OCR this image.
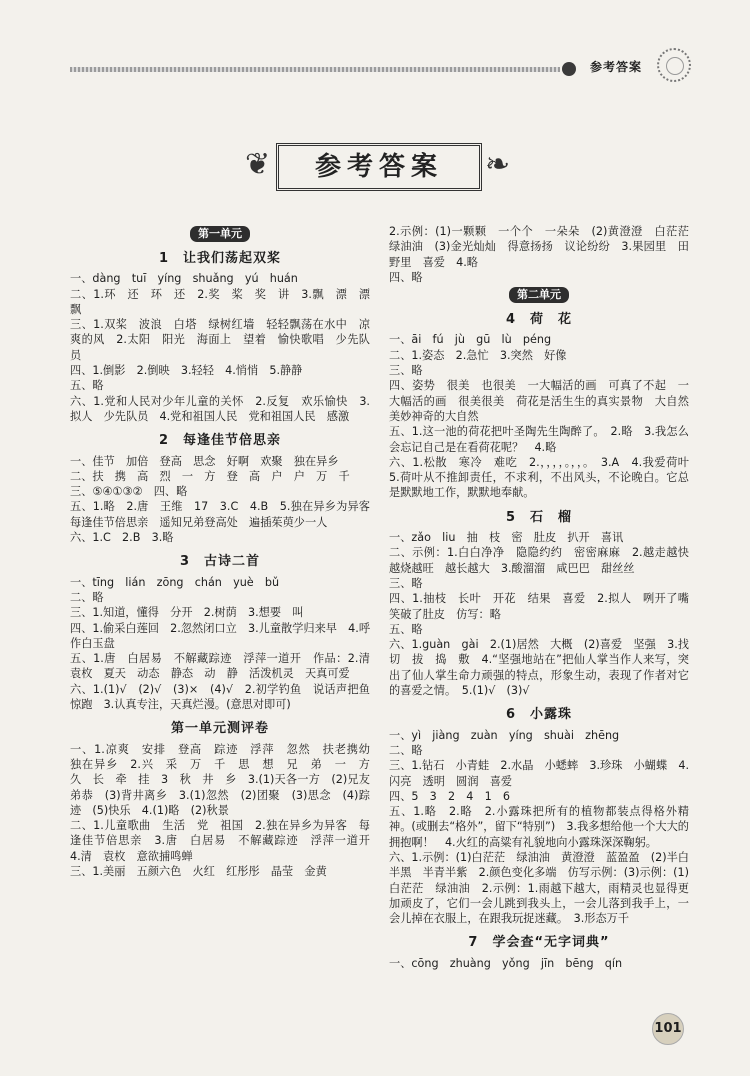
参考答案
❦	参考答案	❧
第一单元

1　让我们荡起双桨

一、dàng　tuī　yíng　shuǎng　yú　huán

二、1.环　还　环　还　2.奖　桨　奖　讲　3.飘　漂　漂　飘

三、1.双桨　波浪　白塔　绿树红墙　轻轻飘荡在水中　凉爽的风　2.太阳　阳光　海面上　望着　愉快歌唱　少先队员

四、1.倒影　2.倒映　3.轻轻　4.悄悄　5.静静

五、略

六、1.党和人民对少年儿童的关怀　2.反复　欢乐愉快　3.拟人　少先队员　4.党和祖国人民　党和祖国人民　感激

2　每逢佳节倍思亲

一、佳节　加倍　登高　思念　好啊　欢聚　独在异乡

二、扶　携　高　烈　一　方　登　高　户　户　万　千

三、⑤④①③②　四、略

五、1.略　2.唐　王维　17　3.C　4.B　5.独在异乡为异客　每逢佳节倍思亲　遥知兄弟登高处　遍插茱萸少一人

六、1.C　2.B　3.略

3　古诗二首

一、tīng　lián　zōng　chán　yuè　bǔ

二、略

三、1.知道，懂得　分开　2.树荫　3.想要　叫

四、1.偷采白莲回　2.忽然闭口立　3.儿童散学归来早　4.呼作白玉盘

五、1.唐　白居易　不解藏踪迹　浮萍一道开　作品：2.清　袁枚　夏天　动态　静态　动　静　活泼机灵　天真可爱

六、1.(1)√　(2)√　(3)×　(4)√　2.初学钓鱼　说话声把鱼惊跑　3.认真专注，天真烂漫。(意思对即可)

第一单元测评卷

一、1.凉爽　安排　登高　踪迹　浮萍　忽然　扶老携幼　独在异乡　2.兴　采　万　千　思　想　兄　弟　一　方　久　长　牵　挂　3　秋　井　乡　3.(1)天各一方　(2)兄友弟恭　(3)背井离乡　3.(1)忽然　(2)团聚　(3)思念　(4)踪迹　(5)快乐　4.(1)略　(2)秋景

二、1.儿童歌曲　生活　党　祖国　2.独在异乡为异客　每逢佳节倍思亲　3.唐　白居易　不解藏踪迹　浮萍一道开　4.清　袁枚　意欲捕鸣蝉

三、1.美丽　五颜六色　火红　红彤彤　晶莹　金黄

2.示例：(1)一颗颗　一个个　一朵朵　(2)黄澄澄　白茫茫　绿油油　(3)金光灿灿　得意扬扬　议论纷纷　3.果园里　田野里　喜爱　4.略

四、略

第二单元

4　荷　花

一、āi　fú　jù　gū　lù　péng

二、1.姿态　2.急忙　3.突然　好像

三、略

四、姿势　很美　也很美　一大幅活的画　可真了不起　一大幅活的画　很美很美　荷花是活生生的真实景物　大自然　美妙神奇的大自然

五、1.这一池的荷花把叶圣陶先生陶醉了。　2.略　3.我怎么会忘记自己是在看荷花呢？　4.略

六、1.松散　寒冷　难吃　2.，，，，。，，。　3.A　4.我爱荷叶　5.荷叶从不推卸责任，不求利，不出风头，不论晚白。它总是默默地工作，默默地奉献。

5　石　榴

一、zǎo　liu　抽　枝　密　肚皮　扒开　喜讯

二、示例：1.白白净净　隐隐约约　密密麻麻　2.越走越快　越烧越旺　越长越大　3.酸溜溜　咸巴巴　甜丝丝

三、略

四、1.抽枝　长叶　开花　结果　喜爱　2.拟人　咧开了嘴　笑破了肚皮　仿写：略

五、略

六、1.guàn　gài　2.(1)居然　大概　(2)喜爱　坚强　3.找　切　拔　捣　敷　4.“坚强地站在”把仙人掌当作人来写，突出了仙人掌生命力顽强的特点，形象生动，表现了作者对它的喜爱之情。　5.(1)√　(3)√

6　小露珠

一、yì　jiàng　zuàn　yíng　shuài　zhēng

二、略

三、1.钻石　小青蛙　2.水晶　小蟋蟀　3.珍珠　小蝴蝶　4.闪亮　透明　圆润　喜爱

四、5　3　2　4　1　6

五、1.略　2.略　2.小露珠把所有的植物都装点得格外精神。(或删去“格外”，留下“特别”)　3.我多想给他一个大大的拥抱啊！　4.火红的高粱有礼貌地向小露珠深深鞠躬。

六、1.示例：(1)白茫茫　绿油油　黄澄澄　蓝盈盈　(2)半白半黑　半青半紫　2.颜色变化多端　仿写示例：(3)示例：(1)白茫茫　绿油油　2.示例：1.雨越下越大，雨精灵也显得更加顽皮了，它们一会儿跳到我头上，一会儿落到我手上，一会儿掉在衣服上，在跟我玩捉迷藏。　3.形态万千

7　学会查“无字词典”

一、cōng　zhuàng　yǒng　jīn　bēng　qín

101
